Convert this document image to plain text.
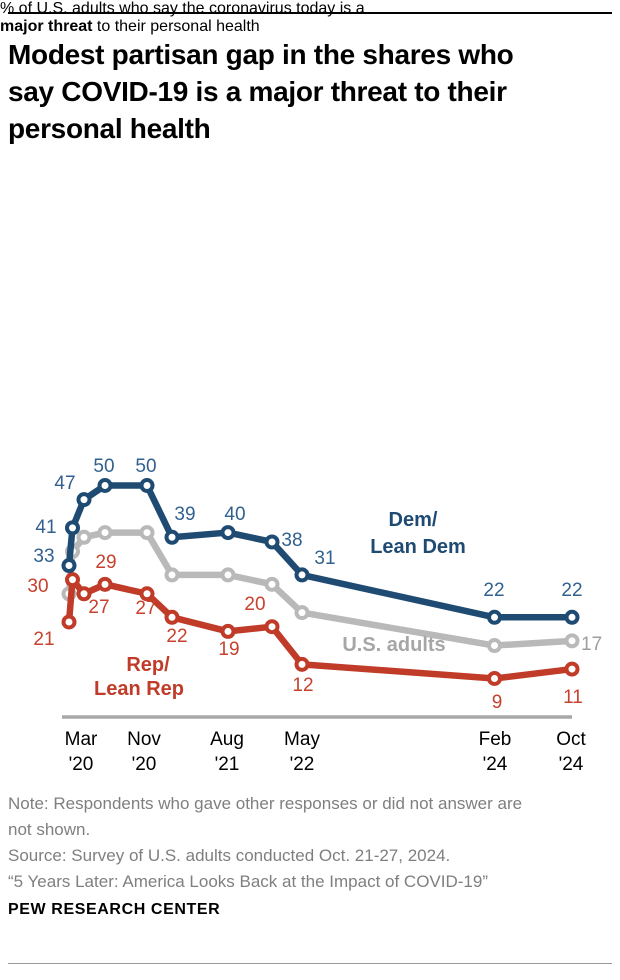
Modest partisan gap in the shares who
say COVID-19 is a major threat to their
personal health

% of U.S. adults who say the coronavirus today is a
major threat to their personal health

Mar
'20
Nov
'20
Aug
'21
May
'22
Feb
'24
Oct
'24
17
21
30
27
29
27
22
19
20
12
9	11
33
41
47
50 50
39 40
38
31
22	22
Dem/
Lean Dem
U.S. adults
Rep/
Lean Rep
Note: Respondents who gave other responses or did not answer are
not shown.
Source: Survey of U.S. adults conducted Oct. 21-27, 2024.
“5 Years Later: America Looks Back at the Impact of COVID-19”
PEW RESEARCH CENTER
